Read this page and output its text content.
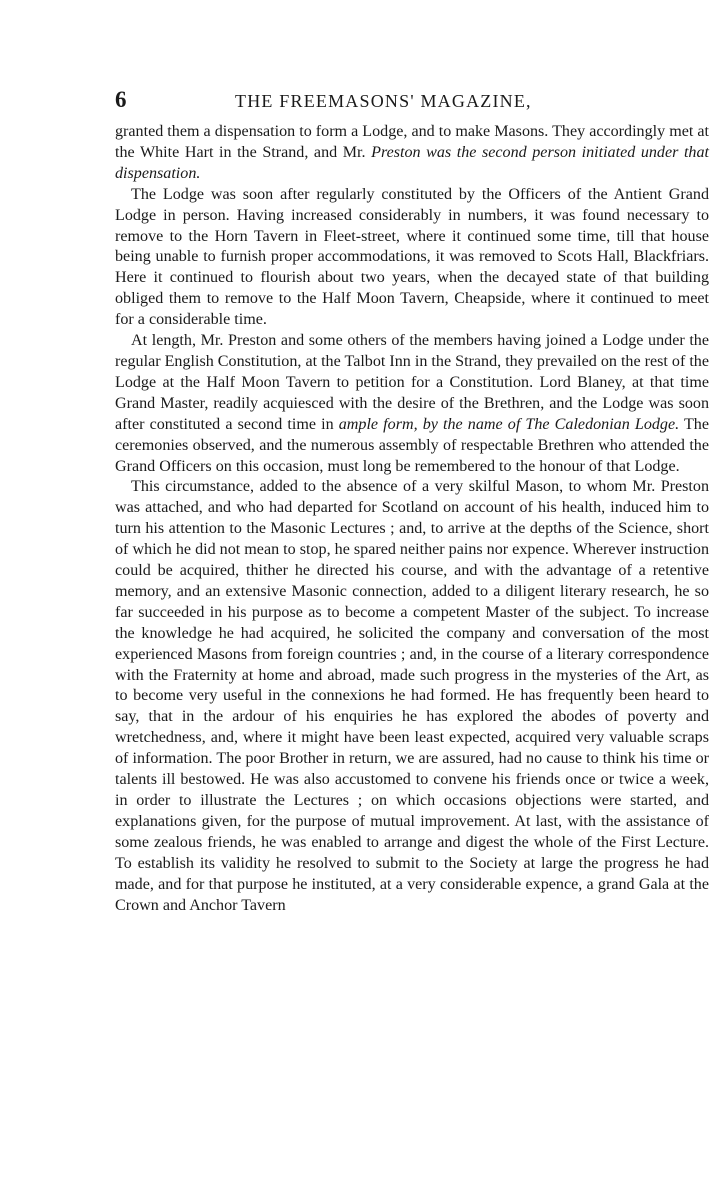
6	THE FREEMASONS' MAGAZINE,

granted them a dispensation to form a Lodge, and to make Masons. They accordingly met at the White Hart in the Strand, and Mr. Preston was the second person initiated under that dispensation.

The Lodge was soon after regularly constituted by the Officers of the Antient Grand Lodge in person. Having increased considerably in numbers, it was found necessary to remove to the Horn Tavern in Fleet-street, where it continued some time, till that house being unable to furnish proper accommodations, it was removed to Scots Hall, Blackfriars. Here it continued to flourish about two years, when the decayed state of that building obliged them to remove to the Half Moon Tavern, Cheapside, where it continued to meet for a considerable time.

At length, Mr. Preston and some others of the members having joined a Lodge under the regular English Constitution, at the Talbot Inn in the Strand, they prevailed on the rest of the Lodge at the Half Moon Tavern to petition for a Constitution. Lord Blaney, at that time Grand Master, readily acquiesced with the desire of the Brethren, and the Lodge was soon after constituted a second time in ample form, by the name of The Caledonian Lodge. The ceremonies observed, and the numerous assembly of respectable Brethren who attended the Grand Officers on this occasion, must long be remembered to the honour of that Lodge.

This circumstance, added to the absence of a very skilful Mason, to whom Mr. Preston was attached, and who had departed for Scotland on account of his health, induced him to turn his attention to the Masonic Lectures ; and, to arrive at the depths of the Science, short of which he did not mean to stop, he spared neither pains nor expence. Wherever instruction could be acquired, thither he directed his course, and with the advantage of a retentive memory, and an extensive Masonic connection, added to a diligent literary research, he so far succeeded in his purpose as to become a competent Master of the subject. To increase the knowledge he had acquired, he solicited the company and conversation of the most experienced Masons from foreign countries ; and, in the course of a literary correspondence with the Fraternity at home and abroad, made such progress in the mysteries of the Art, as to become very useful in the connexions he had formed. He has frequently been heard to say, that in the ardour of his enquiries he has explored the abodes of poverty and wretchedness, and, where it might have been least expected, acquired very valuable scraps of information. The poor Brother in return, we are assured, had no cause to think his time or talents ill bestowed. He was also accustomed to convene his friends once or twice a week, in order to illustrate the Lectures ; on which occasions objections were started, and explanations given, for the purpose of mutual improvement. At last, with the assistance of some zealous friends, he was enabled to arrange and digest the whole of the First Lecture. To establish its validity he resolved to submit to the Society at large the progress he had made, and for that purpose he instituted, at a very considerable expence, a grand Gala at the Crown and Anchor Tavern
